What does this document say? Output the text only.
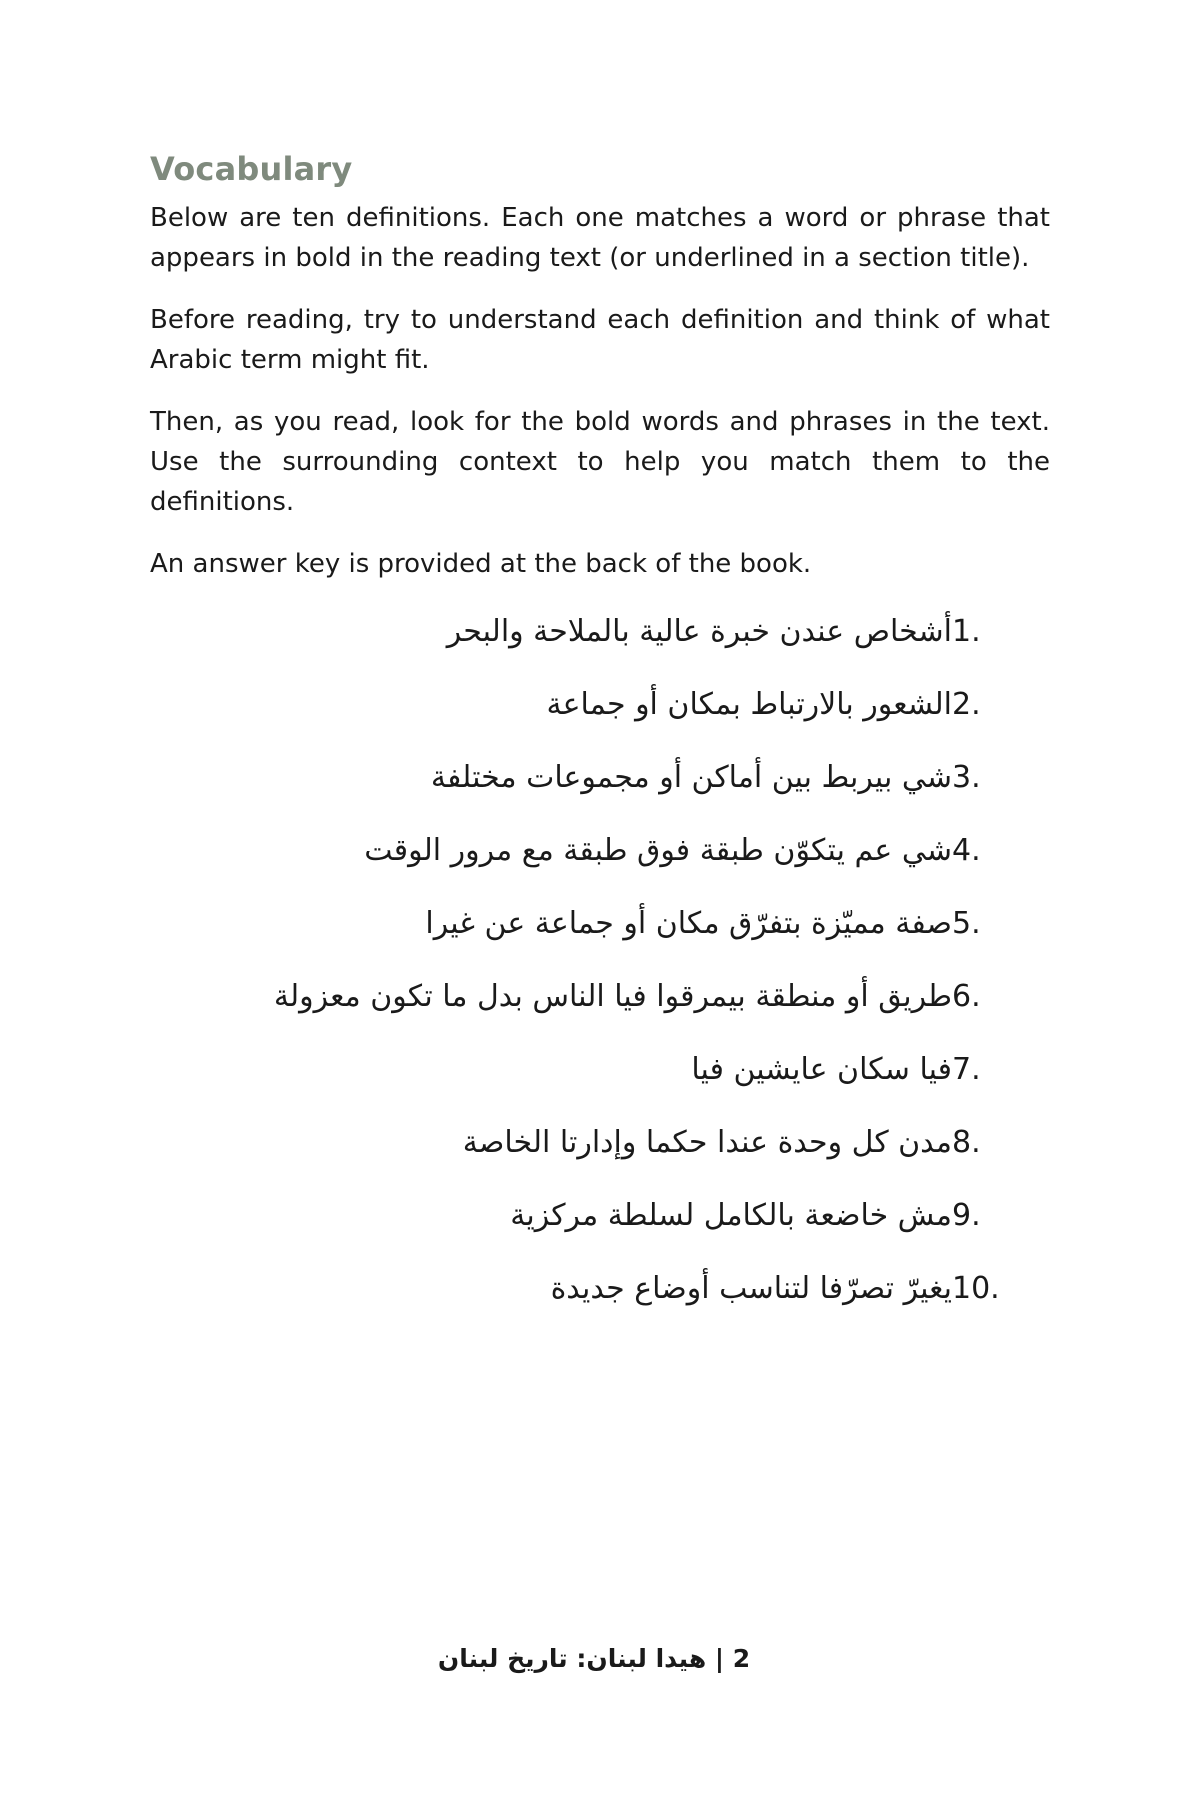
Vocabulary

Below are ten definitions. Each one matches a word or phrase that appears in bold in the reading text (or underlined in a section title).

Before reading, try to understand each definition and think of what Arabic term might fit.

Then, as you read, look for the bold words and phrases in the text. Use the surrounding context to help you match them to the definitions.

An answer key is provided at the back of the book.

1.
أشخاص عندن خبرة عالية بالملاحة والبحر
2.
الشعور بالارتباط بمكان أو جماعة
3.
شي بيربط بين أماكن أو مجموعات مختلفة
4.
شي عم يتكوّن طبقة فوق طبقة مع مرور الوقت
5.
صفة مميّزة بتفرّق مكان أو جماعة عن غيرا
6.
طريق أو منطقة بيمرقوا فيا الناس بدل ما تكون معزولة
7.
فيا سكان عايشين فيا
8.
مدن كل وحدة عندا حكما وإدارتا الخاصة
9.
مش خاضعة بالكامل لسلطة مركزية
10.
يغيرّ تصرّفا لتناسب أوضاع جديدة
2 | هيدا لبنان: تاريخ لبنان
